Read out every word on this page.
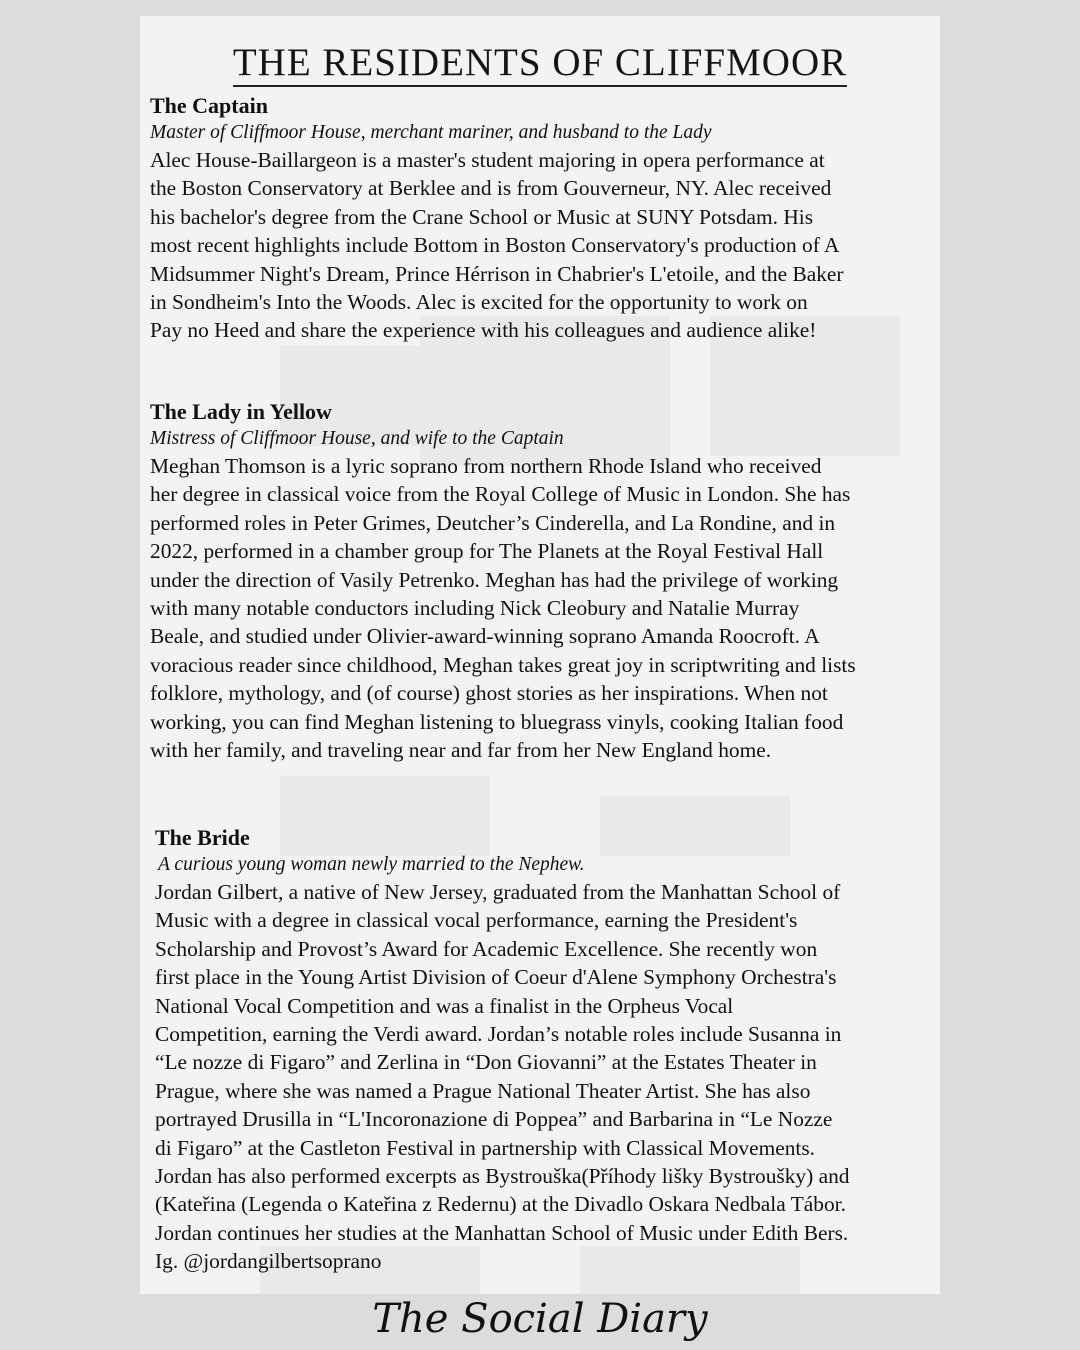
THE RESIDENTS OF CLIFFMOOR
The Captain
Master of Cliffmoor House, merchant mariner, and husband to the Lady
Alec House-Baillargeon is a master's student majoring in opera performance at
the Boston Conservatory at Berklee and is from Gouverneur, NY. Alec received
his bachelor's degree from the Crane School or Music at SUNY Potsdam. His
most recent highlights include Bottom in Boston Conservatory's production of A
Midsummer Night's Dream, Prince Hérrison in Chabrier's L'etoile, and the Baker
in Sondheim's Into the Woods. Alec is excited for the opportunity to work on
Pay no Heed and share the experience with his colleagues and audience alike!
The Lady in Yellow
Mistress of Cliffmoor House, and wife to the Captain
Meghan Thomson is a lyric soprano from northern Rhode Island who received
her degree in classical voice from the Royal College of Music in London. She has
performed roles in Peter Grimes, Deutcher’s Cinderella, and La Rondine, and in
2022, performed in a chamber group for The Planets at the Royal Festival Hall
under the direction of Vasily Petrenko. Meghan has had the privilege of working
with many notable conductors including Nick Cleobury and Natalie Murray
Beale, and studied under Olivier-award-winning soprano Amanda Roocroft. A
voracious reader since childhood, Meghan takes great joy in scriptwriting and lists
folklore, mythology, and (of course) ghost stories as her inspirations. When not
working, you can find Meghan listening to bluegrass vinyls, cooking Italian food
with her family, and traveling near and far from her New England home.
The Bride
A curious young woman newly married to the Nephew.
Jordan Gilbert, a native of New Jersey, graduated from the Manhattan School of
Music with a degree in classical vocal performance, earning the President's
Scholarship and Provost’s Award for Academic Excellence. She recently won
first place in the Young Artist Division of Coeur d'Alene Symphony Orchestra's
National Vocal Competition and was a finalist in the Orpheus Vocal
Competition, earning the Verdi award. Jordan’s notable roles include Susanna in
“Le nozze di Figaro” and Zerlina in “Don Giovanni” at the Estates Theater in
Prague, where she was named a Prague National Theater Artist. She has also
portrayed Drusilla in “L'Incoronazione di Poppea” and Barbarina in “Le Nozze
di Figaro” at the Castleton Festival in partnership with Classical Movements.
Jordan has also performed excerpts as Bystrouška(Příhody lišky Bystroušky) and
(Kateřina (Legenda o Kateřina z Redernu) at the Divadlo Oskara Nedbala Tábor.
Jordan continues her studies at the Manhattan School of Music under Edith Bers.
Ig. @jordangilbertsoprano
The Social Diary
